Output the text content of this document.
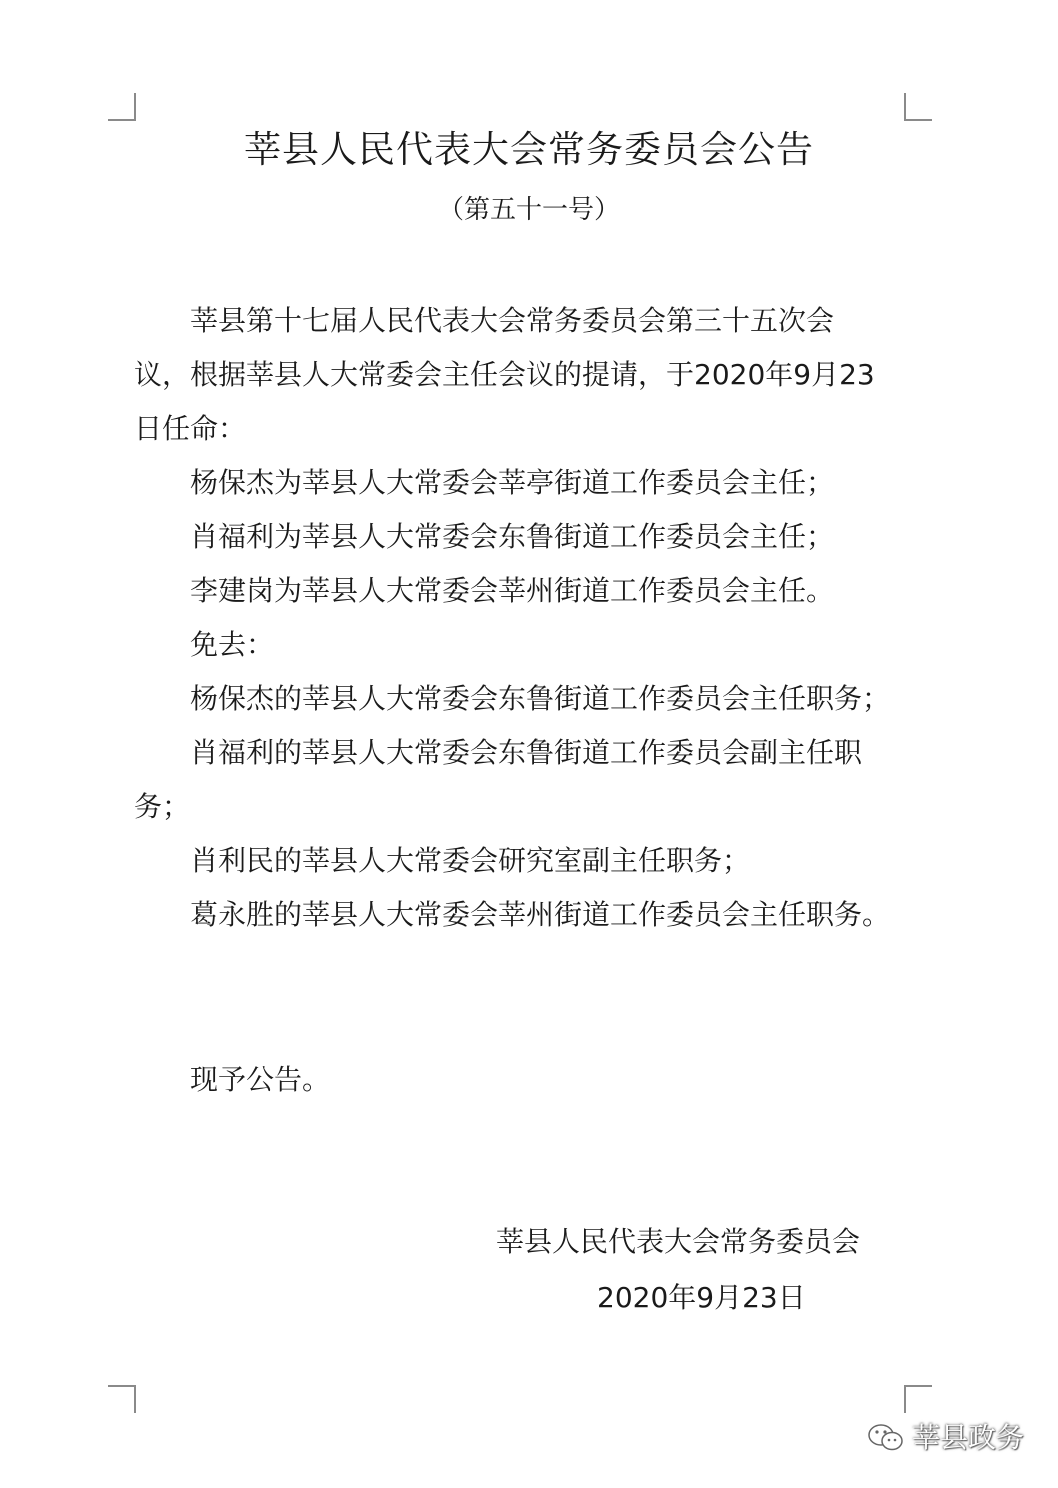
莘县人民代表大会常务委员会公告
（第五十一号）
莘县第十七届人民代表大会常务委员会第三十五次会
议，根据莘县人大常委会主任会议的提请，于2020年9月23
日任命：
杨保杰为莘县人大常委会莘亭街道工作委员会主任；
肖福利为莘县人大常委会东鲁街道工作委员会主任；
李建岗为莘县人大常委会莘州街道工作委员会主任。
免去：
杨保杰的莘县人大常委会东鲁街道工作委员会主任职务；
肖福利的莘县人大常委会东鲁街道工作委员会副主任职
务；
肖利民的莘县人大常委会研究室副主任职务；
葛永胜的莘县人大常委会莘州街道工作委员会主任职务。
现予公告。
莘县人民代表大会常务委员会
2020年9月23日
莘县政务
